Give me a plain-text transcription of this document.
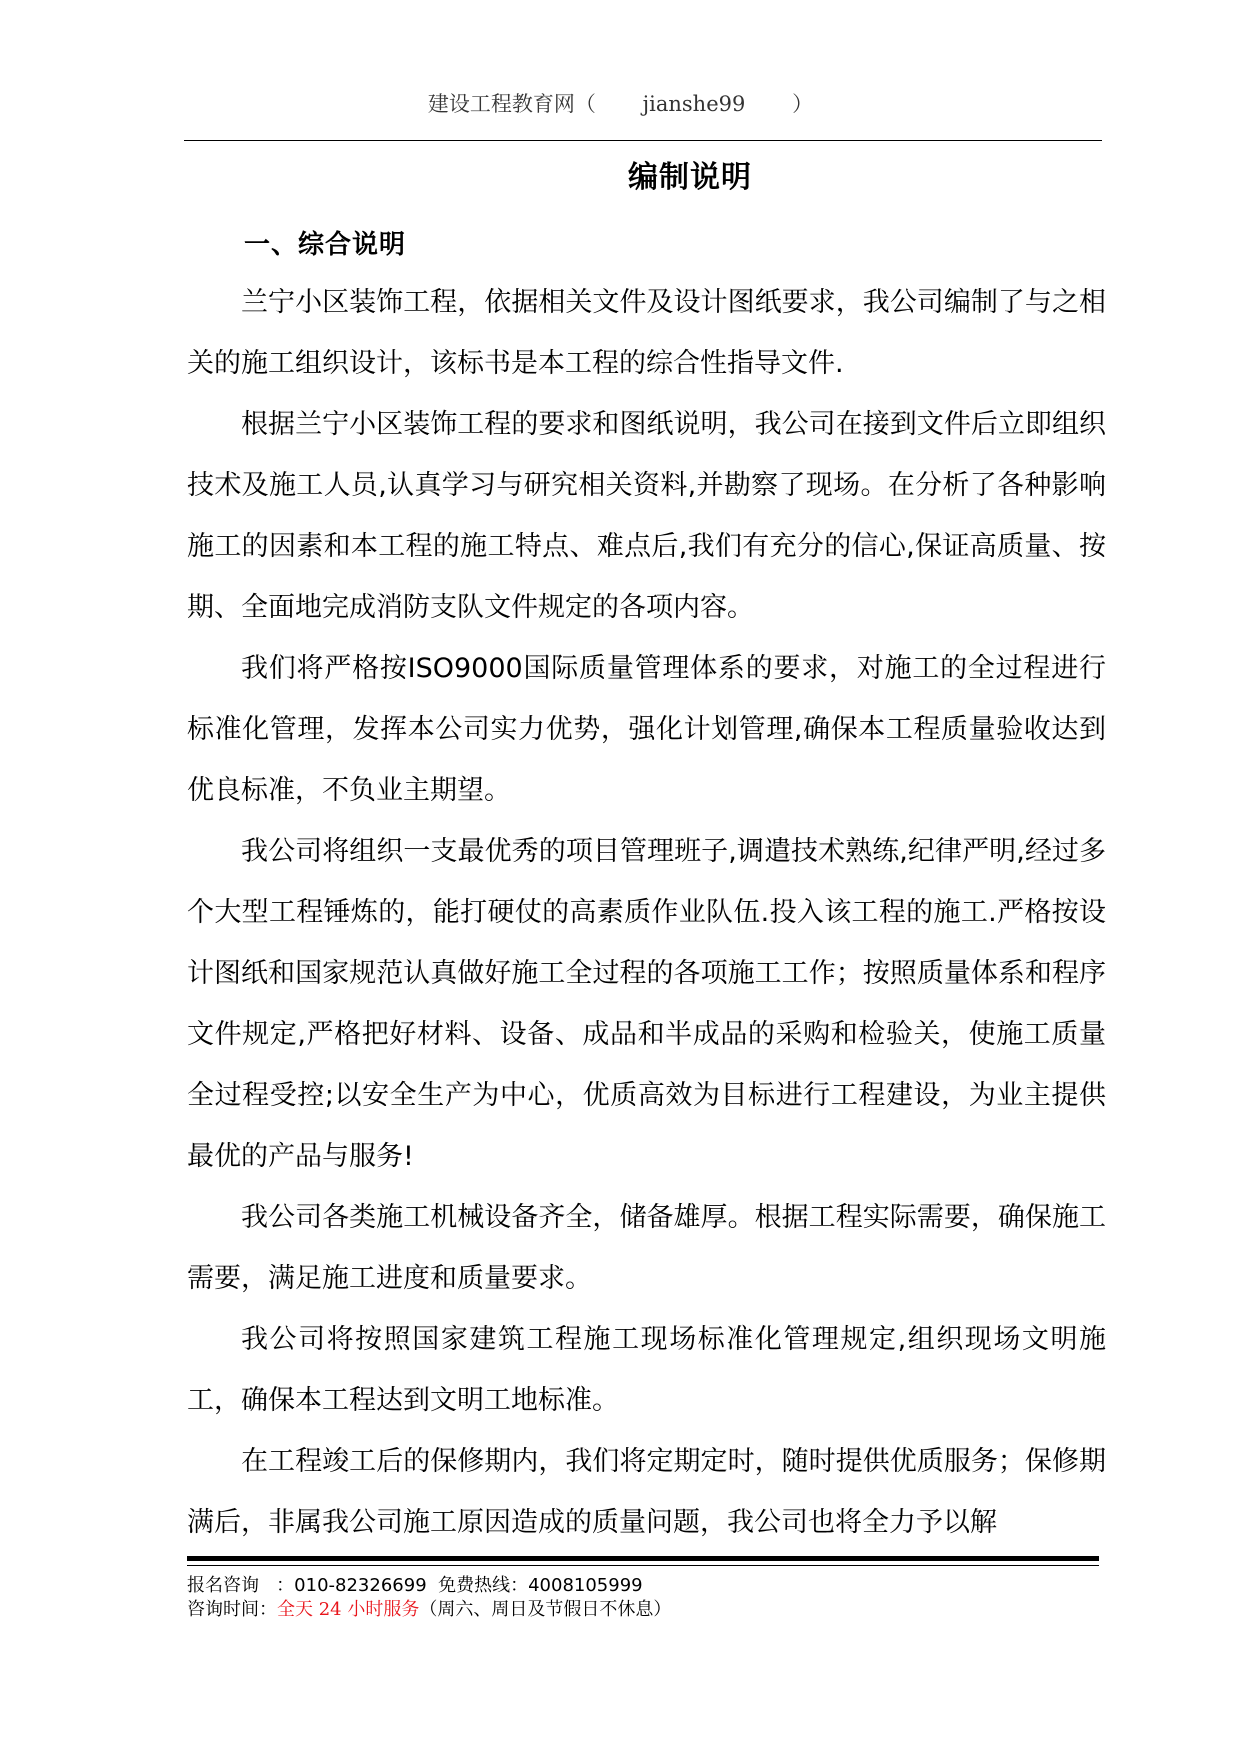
建设工程教育网（       jianshe99       ）
编制说明
一、综合说明

兰宁小区装饰工程，依据相关文件及设计图纸要求，我公司编制了与之相关的施工组织设计，该标书是本工程的综合性指导文件.

根据兰宁小区装饰工程的要求和图纸说明，我公司在接到文件后立即组织技术及施工人员,认真学习与研究相关资料,并勘察了现场。在分析了各种影响施工的因素和本工程的施工特点、难点后,我们有充分的信心,保证高质量、按期、全面地完成消防支队文件规定的各项内容。

我们将严格按ISO9000国际质量管理体系的要求，对施工的全过程进行标准化管理，发挥本公司实力优势，强化计划管理,确保本工程质量验收达到优良标准，不负业主期望。

我公司将组织一支最优秀的项目管理班子,调遣技术熟练,纪律严明,经过多个大型工程锤炼的，能打硬仗的高素质作业队伍.投入该工程的施工.严格按设计图纸和国家规范认真做好施工全过程的各项施工工作；按照质量体系和程序文件规定,严格把好材料、设备、成品和半成品的采购和检验关，使施工质量全过程受控;以安全生产为中心，优质高效为目标进行工程建设，为业主提供最优的产品与服务!

我公司各类施工机械设备齐全，储备雄厚。根据工程实际需要，确保施工需要，满足施工进度和质量要求。

我公司将按照国家建筑工程施工现场标准化管理规定,组织现场文明施工，确保本工程达到文明工地标准。

在工程竣工后的保修期内，我们将定期定时，随时提供优质服务；保修期满后，非属我公司施工原因造成的质量问题，我公司也将全力予以解

报名咨询   ：010-82326699  免费热线：4008105999
咨询时间：全天 24 小时服务（周六、周日及节假日不休息）
